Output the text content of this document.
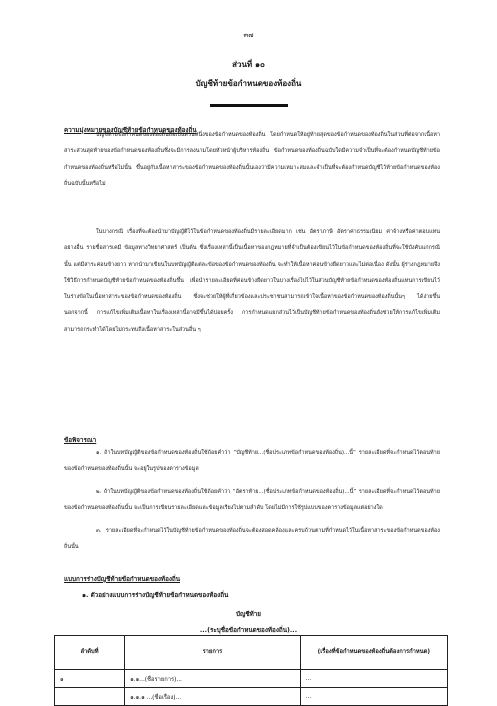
๓๗
ส่วนที่ ๑๐
บัญชีท้ายข้อกำหนดของท้องถิ่น
ความมุ่งหมายของบัญชีท้ายข้อกำหนดของท้องถิ่น

บัญชีท้ายข้อกำหนดของท้องถิ่นถือเป็นส่วนหนึ่งของข้อกำหนดของท้องถิ่น โดยกำหนดให้อยู่ท้ายสุดของข้อกำหนดของท้องถิ่นในส่วนที่ต่อจากเนื้อหาสาระส่วนสุดท้ายของข้อกำหนดของท้องถิ่นซึ่งจะมีการลงนามโดยหัวหน้าผู้บริหารท้องถิ่น ข้อกำหนดของท้องถิ่นฉบับใดมีความจำเป็นที่จะต้องกำหนดบัญชีท้ายข้อกำหนดของท้องถิ่นหรือไม่นั้น ขึ้นอยู่กับเนื้อหาสาระของข้อกำหนดของท้องถิ่นนั้นเองว่ามีความเหมาะสมและจำเป็นที่จะต้องกำหนดบัญชีไว้ท้ายข้อกำหนดของท้องถิ่นฉบับนั้นหรือไม่

ในบางกรณี เรื่องที่จะต้องนำมาบัญญัติไว้ในข้อกำหนดของท้องถิ่นมีรายละเอียดมาก เช่น อัตราภาษี อัตราค่าธรรมเนียม ค่าจ้างหรือค่าตอบแทนอย่างอื่น รายชื่อสารเคมี ข้อมูลทางวิทยาศาสตร์ เป็นต้น ซึ่งเรื่องเหล่านี้เป็นเนื้อหาของกฎหมายที่จำเป็นต้องเขียนไว้ในข้อกำหนดของท้องถิ่นที่จะใช้บังคับแก่กรณีนั้น แต่มีสาระค่อนข้างยาว หากนำมาเขียนในบทบัญญัติแต่ละข้อของข้อกำหนดของท้องถิ่น จะทำให้เนื้อหาค่อนข้างยืดยาวและไม่ต่อเนื่อง ดังนั้น ผู้ร่างกฎหมายจึงใช้วิธีการกำหนดบัญชีท้ายข้อกำหนดของท้องถิ่นขึ้น เพื่อนำรายละเอียดที่ค่อนข้างยืดยาวในบางเรื่องไปไว้ในส่วนบัญชีท้ายข้อกำหนดของท้องถิ่นแทนการเขียนไว้ในร่างข้อในเนื้อหาสาระของข้อกำหนดของท้องถิ่น ซึ่งจะช่วยให้ผู้ที่เกี่ยวข้องและประชาชนสามารถเข้าใจเนื้อหาของข้อกำหนดของท้องถิ่นนั้นๆ ได้ง่ายขึ้น นอกจากนี้ การแก้ไขเพิ่มเติมเนื้อหาในเรื่องเหล่านี้อาจมีขึ้นได้บ่อยครั้ง การกำหนดแยกส่วนไว้เป็นบัญชีท้ายข้อกำหนดของท้องถิ่นยังช่วยให้การแก้ไขเพิ่มเติมสามารถกระทำได้โดยไม่กระทบถึงเนื้อหาสาระในส่วนอื่น ๆ

ข้อพิจารณา

๑. ถ้าในบทบัญญัติของข้อกำหนดของท้องถิ่นใช้ถ้อยคำว่า “บัญชีท้าย...(ชื่อประเภทข้อกำหนดของท้องถิ่น)...นี้” รายละเอียดที่จะกำหนดไว้ตอนท้ายของข้อกำหนดของท้องถิ่นนั้น จะอยู่ในรูปของตารางข้อมูล

๒. ถ้าในบทบัญญัติของข้อกำหนดของท้องถิ่นใช้ถ้อยคำว่า “อัตราท้าย...(ชื่อประเภทข้อกำหนดของท้องถิ่น)...นี้” รายละเอียดที่จะกำหนดไว้ตอนท้ายของข้อกำหนดของท้องถิ่นนั้น จะเป็นการเขียนรายละเอียดและข้อมูลเรียงไปตามลำดับ โดยไม่มีการใช้รูปแบบของตารางข้อมูลแต่อย่างใด

๓. รายละเอียดที่จะกำหนดไว้ในบัญชีท้ายข้อกำหนดของท้องถิ่นจะต้องสอดคล้องและครบถ้วนตามที่กำหนดไว้ในเนื้อหาสาระของข้อกำหนดของท้องถิ่นนั้น

แบบการร่างบัญชีท้ายข้อกำหนดของท้องถิ่น
๑. ตัวอย่างแบบการร่างบัญชีท้ายข้อกำหนดของท้องถิ่น
บัญชีท้าย
...(ระบุชื่อข้อกำหนดของท้องถิ่น)...
ลำดับที่	รายการ	(เรื่องที่ข้อกำหนดของท้องถิ่นต้องการกำหนด)
๑	๑.๑...(ชื่อรายการ)...	...
	๑.๑.๑ ...(ชื่อเรื่อง)...	...
